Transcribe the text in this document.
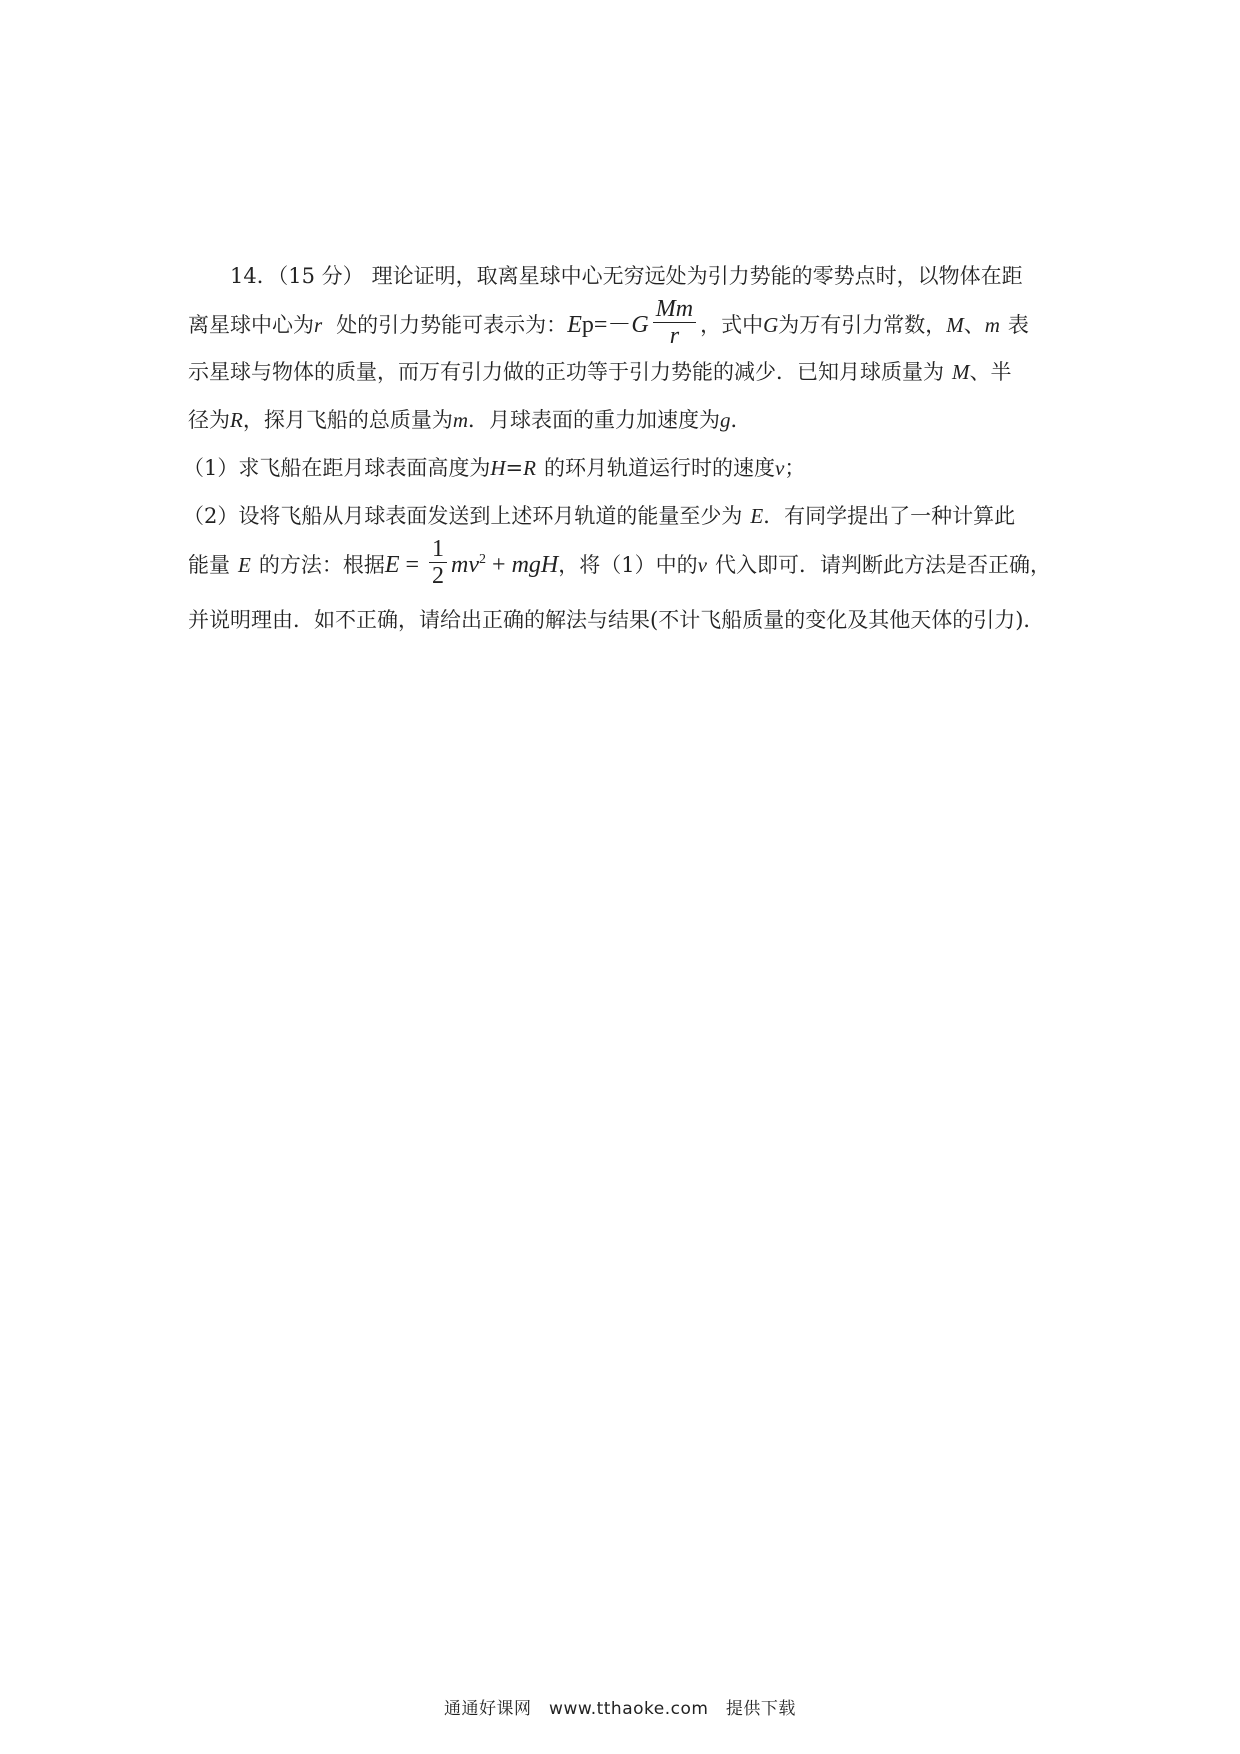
14．（15 分） 理论证明，取离星球中心无穷远处为引力势能的零势点时，以物体在距
离星球中心为r 处的引力势能可表示为：$Ep=-G \frac{Mm}{r}$ ，式中G为万有引力常数，M、m 表
示星球与物体的质量，而万有引力做的正功等于引力势能的减少．已知月球质量为 M、半
径为R，探月飞船的总质量为m．月球表面的重力加速度为g．
（1）求飞船在距月球表面高度为H=R 的环月轨道运行时的速度v；
（2）设将飞船从月球表面发送到上述环月轨道的能量至少为 E．有同学提出了一种计算此
能量 E 的方法：根据$E = \frac{1}{2} mv^2$ + mgH，将（1）中的v 代入即可．请判断此方法是否正确，
并说明理由．如不正确，请给出正确的解法与结果(不计飞船质量的变化及其他天体的引力)．
通通好课网　www.tthaoke.com　提供下载
